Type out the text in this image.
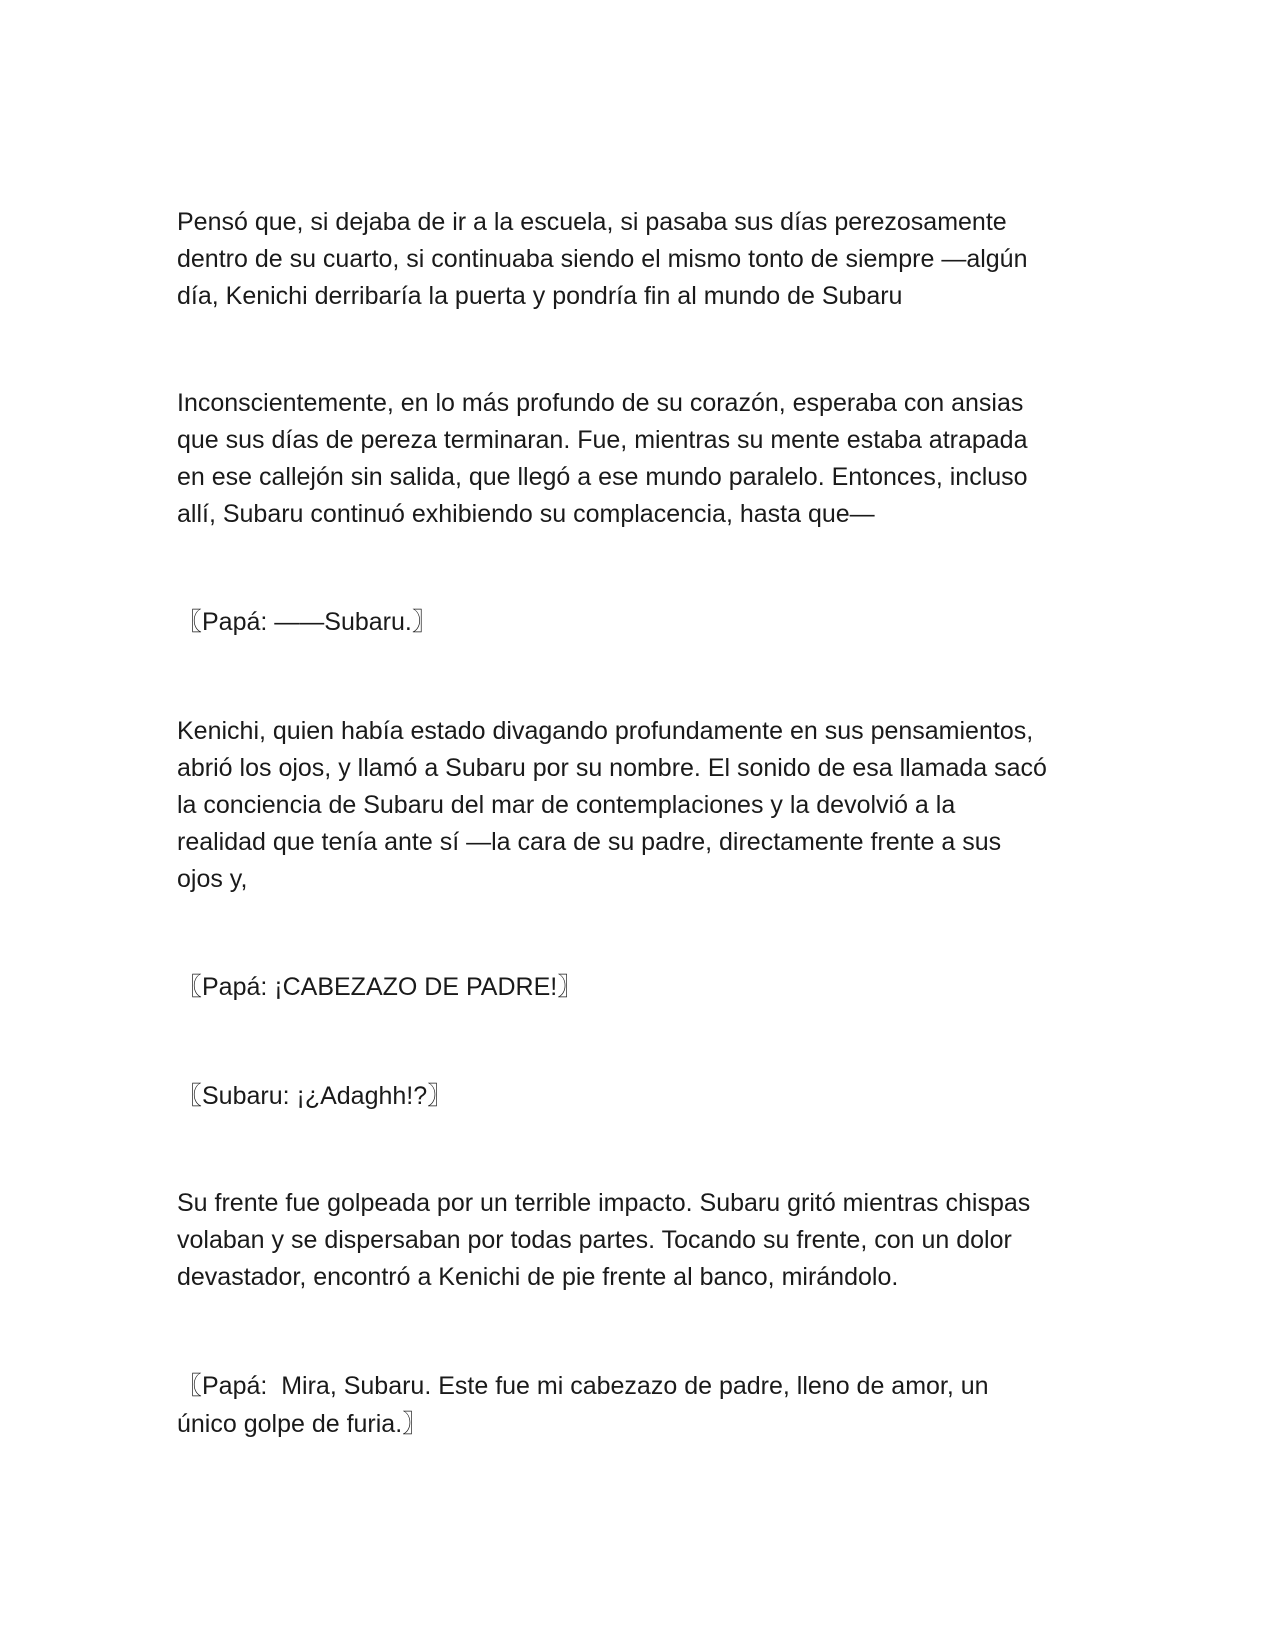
Pensó que, si dejaba de ir a la escuela, si pasaba sus días perezosamente

dentro de su cuarto, si continuaba siendo el mismo tonto de siempre —algún

día, Kenichi derribaría la puerta y pondría fin al mundo de Subaru

Inconscientemente, en lo más profundo de su corazón, esperaba con ansias

que sus días de pereza terminaran. Fue, mientras su mente estaba atrapada

en ese callejón sin salida, que llegó a ese mundo paralelo. Entonces, incluso

allí, Subaru continuó exhibiendo su complacencia, hasta que—

〖Papá: ——Subaru.〗

Kenichi, quien había estado divagando profundamente en sus pensamientos,

abrió los ojos, y llamó a Subaru por su nombre. El sonido de esa llamada sacó

la conciencia de Subaru del mar de contemplaciones y la devolvió a la

realidad que tenía ante sí —la cara de su padre, directamente frente a sus

ojos y,

〖Papá: ¡CABEZAZO DE PADRE!〗

〖Subaru: ¡¿Adaghh!?〗

Su frente fue golpeada por un terrible impacto. Subaru gritó mientras chispas

volaban y se dispersaban por todas partes. Tocando su frente, con un dolor

devastador, encontró a Kenichi de pie frente al banco, mirándolo.

〖Papá:  Mira, Subaru. Este fue mi cabezazo de padre, lleno de amor, un

único golpe de furia.〗
